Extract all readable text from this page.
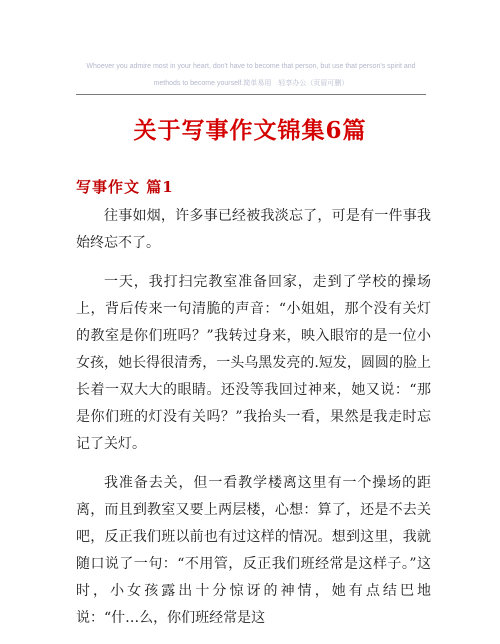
Whoever you admire most in your heart, don't have to become that person, but use that person's spirit and
methods to become yourself.简单易用　轻享办公（页眉可删）
关于写事作文锦集6篇
写事作文 篇1

往事如烟，许多事已经被我淡忘了，可是有一件事我始终忘不了。

一天，我打扫完教室准备回家，走到了学校的操场上，背后传来一句清脆的声音：“小姐姐，那个没有关灯的教室是你们班吗？”我转过身来，映入眼帘的是一位小女孩，她长得很清秀，一头乌黑发亮的.短发，圆圆的脸上长着一双大大的眼睛。还没等我回过神来，她又说：“那是你们班的灯没有关吗？”我抬头一看，果然是我走时忘记了关灯。

我准备去关，但一看教学楼离这里有一个操场的距离，而且到教室又要上两层楼，心想：算了，还是不去关吧，反正我们班以前也有过这样的情况。想到这里，我就随口说了一句：“不用管，反正我们班经常是这样子。”这时，小女孩露出十分惊讶的神情，她有点结巴地说：“什…么，你们班经常是这
